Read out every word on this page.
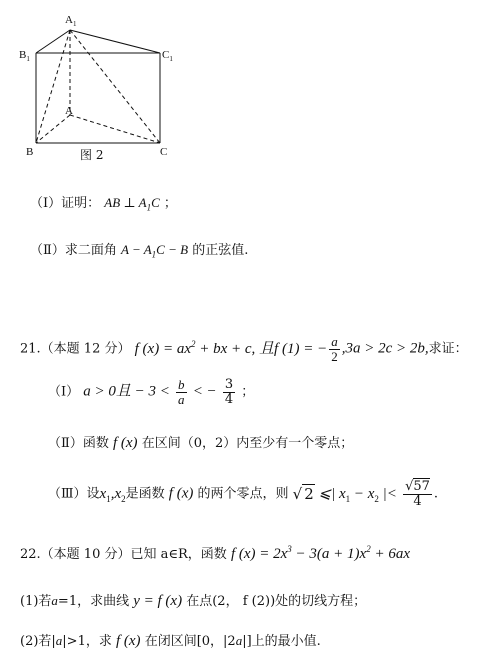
$A_1$
$B_1$	$C_1$
A
B	C
图 2
（Ⅰ）证明： AB ⊥ $A_1C$ ；
（Ⅱ）求二面角 $A - A_1C - B$ 的正弦值.
21.（本题 12 分） f $(x) = ax^2$ + bx + c, 且f (1) = − $\frac{a}{2} ,3a > 2c > 2b$,求证：
（Ⅰ） a > 0且 − $3 < \frac{b}{a}$ < − $\frac{3}{4}$ ；
（Ⅱ）函数 f (x) 在区间（0，2）内至少有一个零点；
（Ⅲ）设$x_1,x_2$是函数 f (x) 的两个零点，则 √ 2 ⩽| $x_1 - x_2$ |< $\frac{√57}{4}$ .
22.（本题 10 分）已知 a∈R，函数 f $(x) = 2x^3 - 3(a + 1)x^2 + 6ax$
(1)若a=1，求曲线 y = f (x) 在点(2， f (2))处的切线方程；
(2)若|a|>1，求 f (x) 在闭区间[0，|2a|]上的最小值.
